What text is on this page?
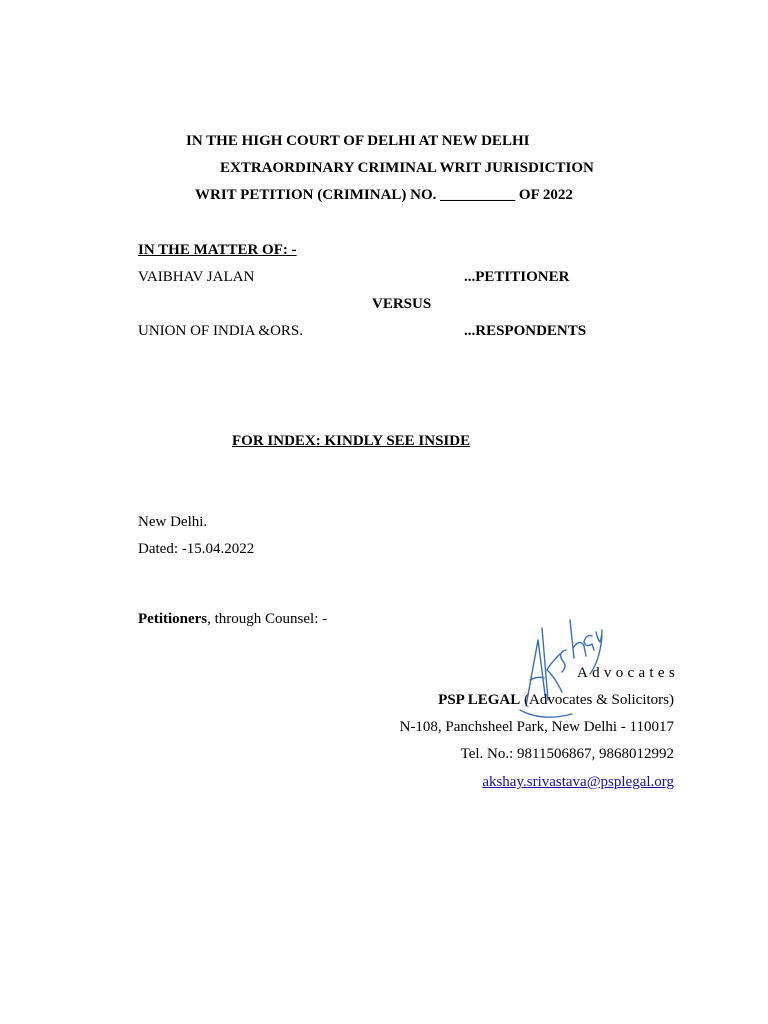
IN THE HIGH COURT OF DELHI AT NEW DELHI
EXTRAORDINARY CRIMINAL WRIT JURISDICTION
WRIT PETITION (CRIMINAL) NO. __________ OF 2022
IN THE MATTER OF: -
VAIBHAV JALAN	...PETITIONER
VERSUS
UNION OF INDIA &ORS.	...RESPONDENTS
FOR INDEX: KINDLY SEE INSIDE
New Delhi.
Dated: -15.04.2022
Petitioners, through Counsel: -
Advocates
PSP LEGAL (Advocates & Solicitors)
N-108, Panchsheel Park, New Delhi - 110017
Tel. No.: 9811506867, 9868012992
akshay.srivastava@psplegal.org
